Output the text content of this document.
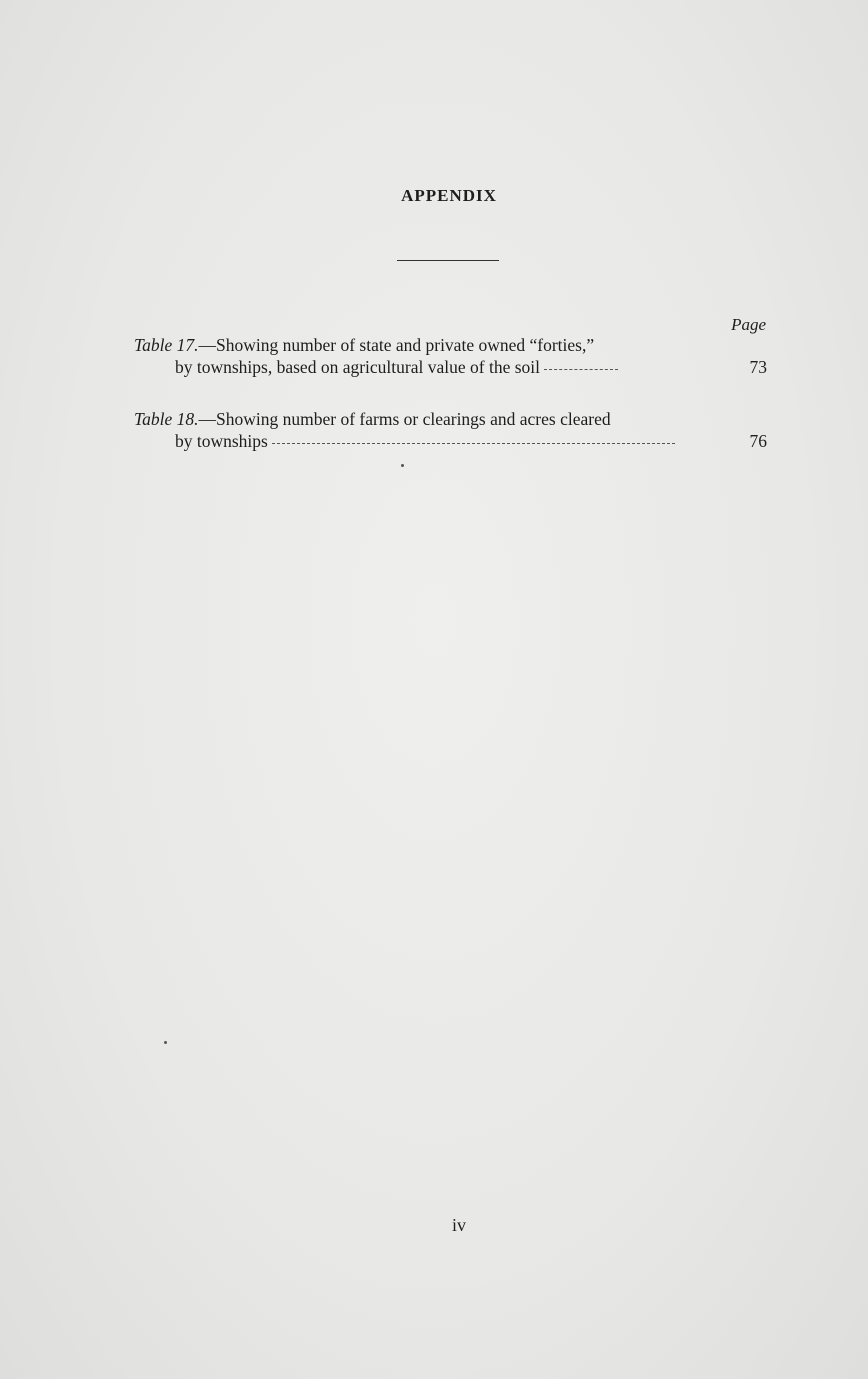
APPENDIX
Page
Table 17. —Showing number of state and private owned “forties,”
by townships, based on agricultural value of the soil	73
Table 18. —Showing number of farms or clearings and acres cleared
by townships	76
iv
